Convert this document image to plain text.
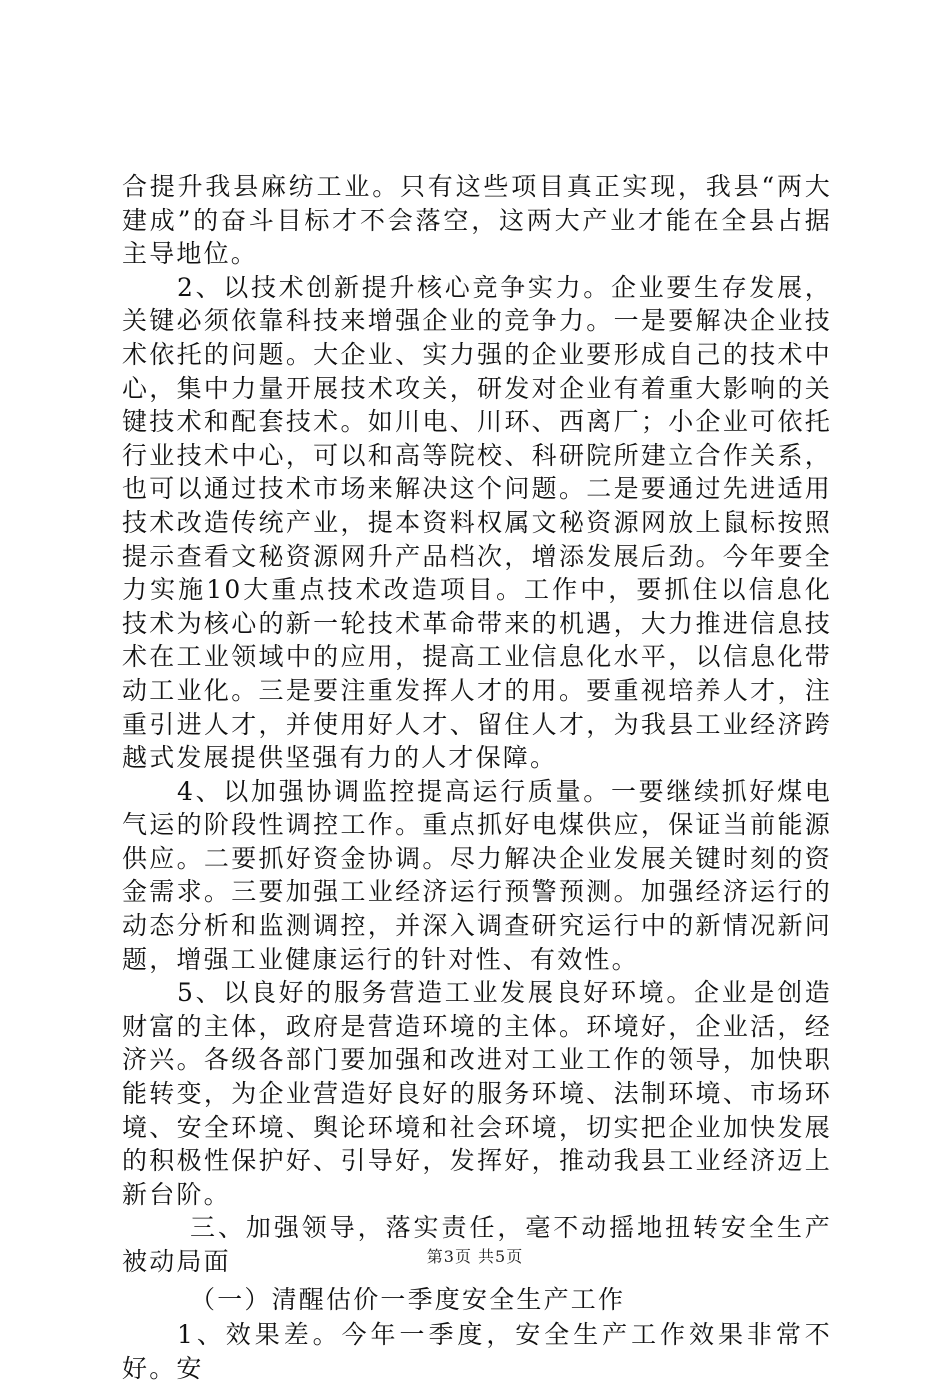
合提升我县麻纺工业。只有这些项目真正实现，我县“两大建成”的奋斗目标才不会落空，这两大产业才能在全县占据主导地位。

2、以技术创新提升核心竞争实力。企业要生存发展，关键必须依靠科技来增强企业的竞争力。一是要解决企业技术依托的问题。大企业、实力强的企业要形成自己的技术中心，集中力量开展技术攻关，研发对企业有着重大影响的关键技术和配套技术。如川电、川环、西离厂；小企业可依托行业技术中心，可以和高等院校、科研院所建立合作关系，也可以通过技术市场来解决这个问题。二是要通过先进适用技术改造传统产业，提本资料权属文秘资源网放上鼠标按照提示查看文秘资源网升产品档次，增添发展后劲。今年要全力实施10大重点技术改造项目。工作中，要抓住以信息化技术为核心的新一轮技术革命带来的机遇，大力推进信息技术在工业领域中的应用，提高工业信息化水平，以信息化带动工业化。三是要注重发挥人才的用。要重视培养人才，注重引进人才，并使用好人才、留住人才，为我县工业经济跨越式发展提供坚强有力的人才保障。

4、以加强协调监控提高运行质量。一要继续抓好煤电气运的阶段性调控工作。重点抓好电煤供应，保证当前能源供应。二要抓好资金协调。尽力解决企业发展关键时刻的资金需求。三要加强工业经济运行预警预测。加强经济运行的动态分析和监测调控，并深入调查研究运行中的新情况新问题，增强工业健康运行的针对性、有效性。

5、以良好的服务营造工业发展良好环境。企业是创造财富的主体，政府是营造环境的主体。环境好，企业活，经济兴。各级各部门要加强和改进对工业工作的领导，加快职能转变，为企业营造好良好的服务环境、法制环境、市场环境、安全环境、舆论环境和社会环境，切实把企业加快发展的积极性保护好、引导好，发挥好，推动我县工业经济迈上新台阶。

三、加强领导，落实责任，毫不动摇地扭转安全生产被动局面

（一）清醒估价一季度安全生产工作

1、效果差。今年一季度，安全生产工作效果非常不好。安

第3页 共5页
